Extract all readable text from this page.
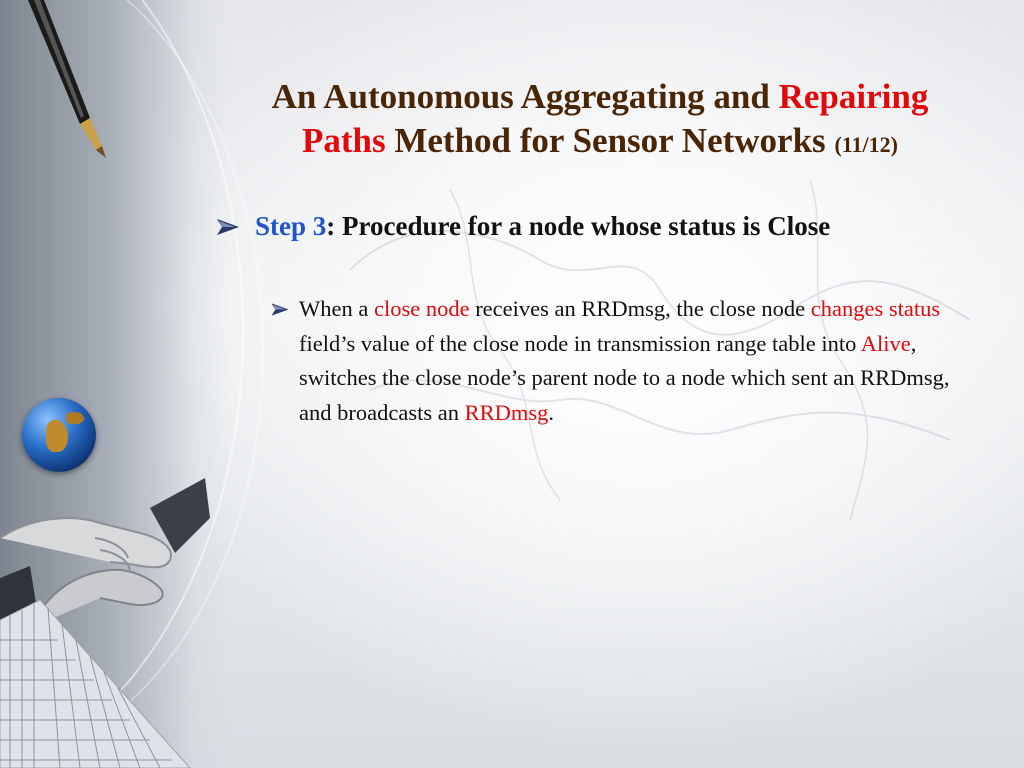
An Autonomous Aggregating and Repairing
Paths Method for Sensor Networks (11/12)
Step 3: Procedure for a node whose status is Close
When a close node receives an RRDmsg, the close node changes status field’s value of the close node in transmission range table into Alive, switches the close node’s parent node to a node which sent an RRDmsg, and broadcasts an RRDmsg.
